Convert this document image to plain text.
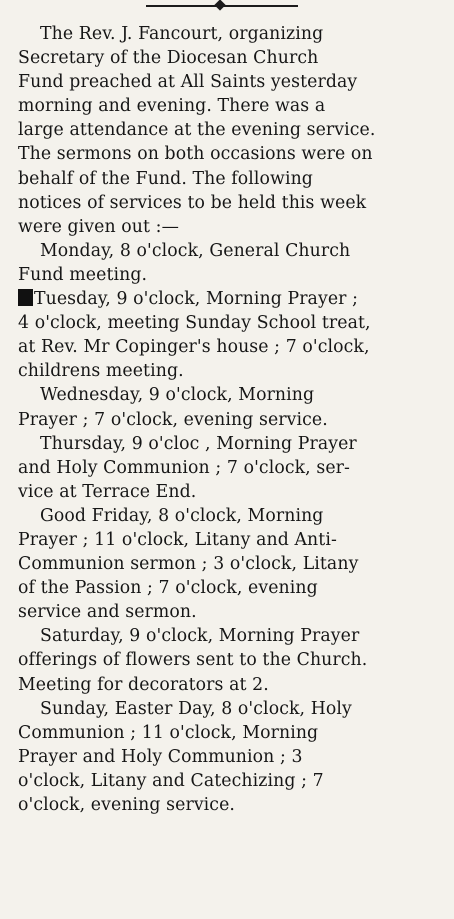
The Rev. J. Fancourt, organizing
Secretary of the Diocesan Church
Fund preached at All Saints yesterday
morning and evening. There was a
large attendance at the evening service.
The sermons on both occasions were on
behalf of the Fund. The following
notices of services to be held this week
were given out :—

Monday, 8 o'clock, General Church
Fund meeting.

Tuesday, 9 o'clock, Morning Prayer ;
4 o'clock, meeting Sunday School treat,
at Rev. Mr Copinger's house ; 7 o'clock,
childrens meeting.

Wednesday, 9 o'clock, Morning
Prayer ; 7 o'clock, evening service.

Thursday, 9 o'cloc , Morning Prayer
and Holy Communion ; 7 o'clock, ser-
vice at Terrace End.

Good Friday, 8 o'clock, Morning
Prayer ; 11 o'clock, Litany and Anti-
Communion sermon ; 3 o'clock, Litany
of the Passion ; 7 o'clock, evening
service and sermon.

Saturday, 9 o'clock, Morning Prayer
offerings of flowers sent to the Church.
Meeting for decorators at 2.

Sunday, Easter Day, 8 o'clock, Holy
Communion ; 11 o'clock, Morning
Prayer and Holy Communion ; 3
o'clock, Litany and Catechizing ; 7
o'clock, evening service.
